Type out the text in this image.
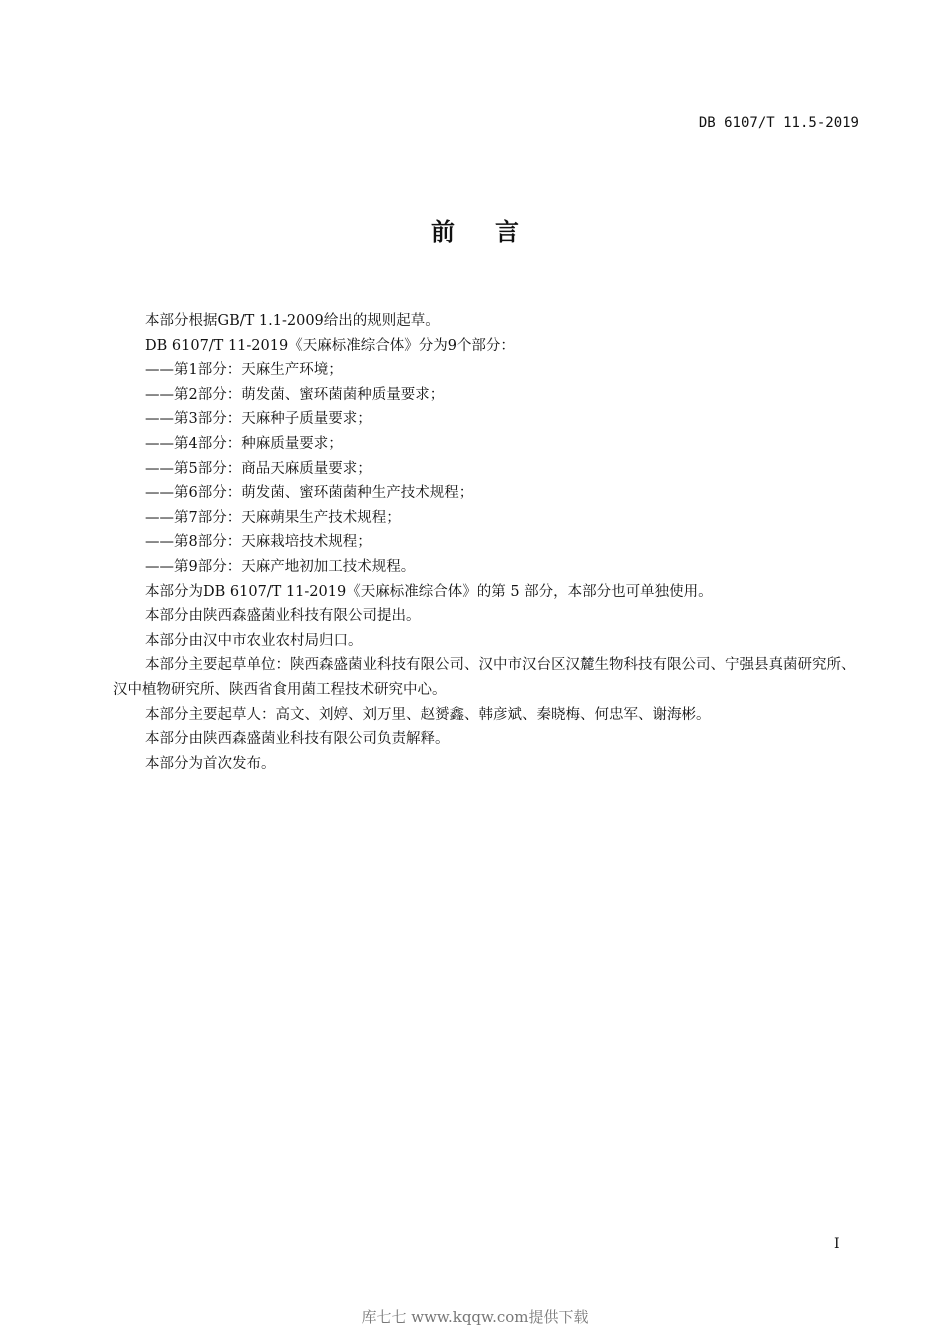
DB 6107/T 11.5-2019
前言

本部分根据GB/T 1.1-2009给出的规则起草。

DB 6107/T 11-2019《天麻标准综合体》分为9个部分：

——第1部分：天麻生产环境；

——第2部分：萌发菌、蜜环菌菌种质量要求；

——第3部分：天麻种子质量要求；

——第4部分：种麻质量要求；

——第5部分：商品天麻质量要求；

——第6部分：萌发菌、蜜环菌菌种生产技术规程；

——第7部分：天麻蒴果生产技术规程；

——第8部分：天麻栽培技术规程；

——第9部分：天麻产地初加工技术规程。

本部分为DB 6107/T 11-2019《天麻标准综合体》的第 5 部分，本部分也可单独使用。

本部分由陕西森盛菌业科技有限公司提出。

本部分由汉中市农业农村局归口。

本部分主要起草单位：陕西森盛菌业科技有限公司、汉中市汉台区汉麓生物科技有限公司、宁强县真菌研究所、汉中植物研究所、陕西省食用菌工程技术研究中心。

本部分主要起草人：高文、刘婷、刘万里、赵赟鑫、韩彦斌、秦晓梅、何忠军、谢海彬。

本部分由陕西森盛菌业科技有限公司负责解释。

本部分为首次发布。

I
库七七 www.kqqw.com提供下载
